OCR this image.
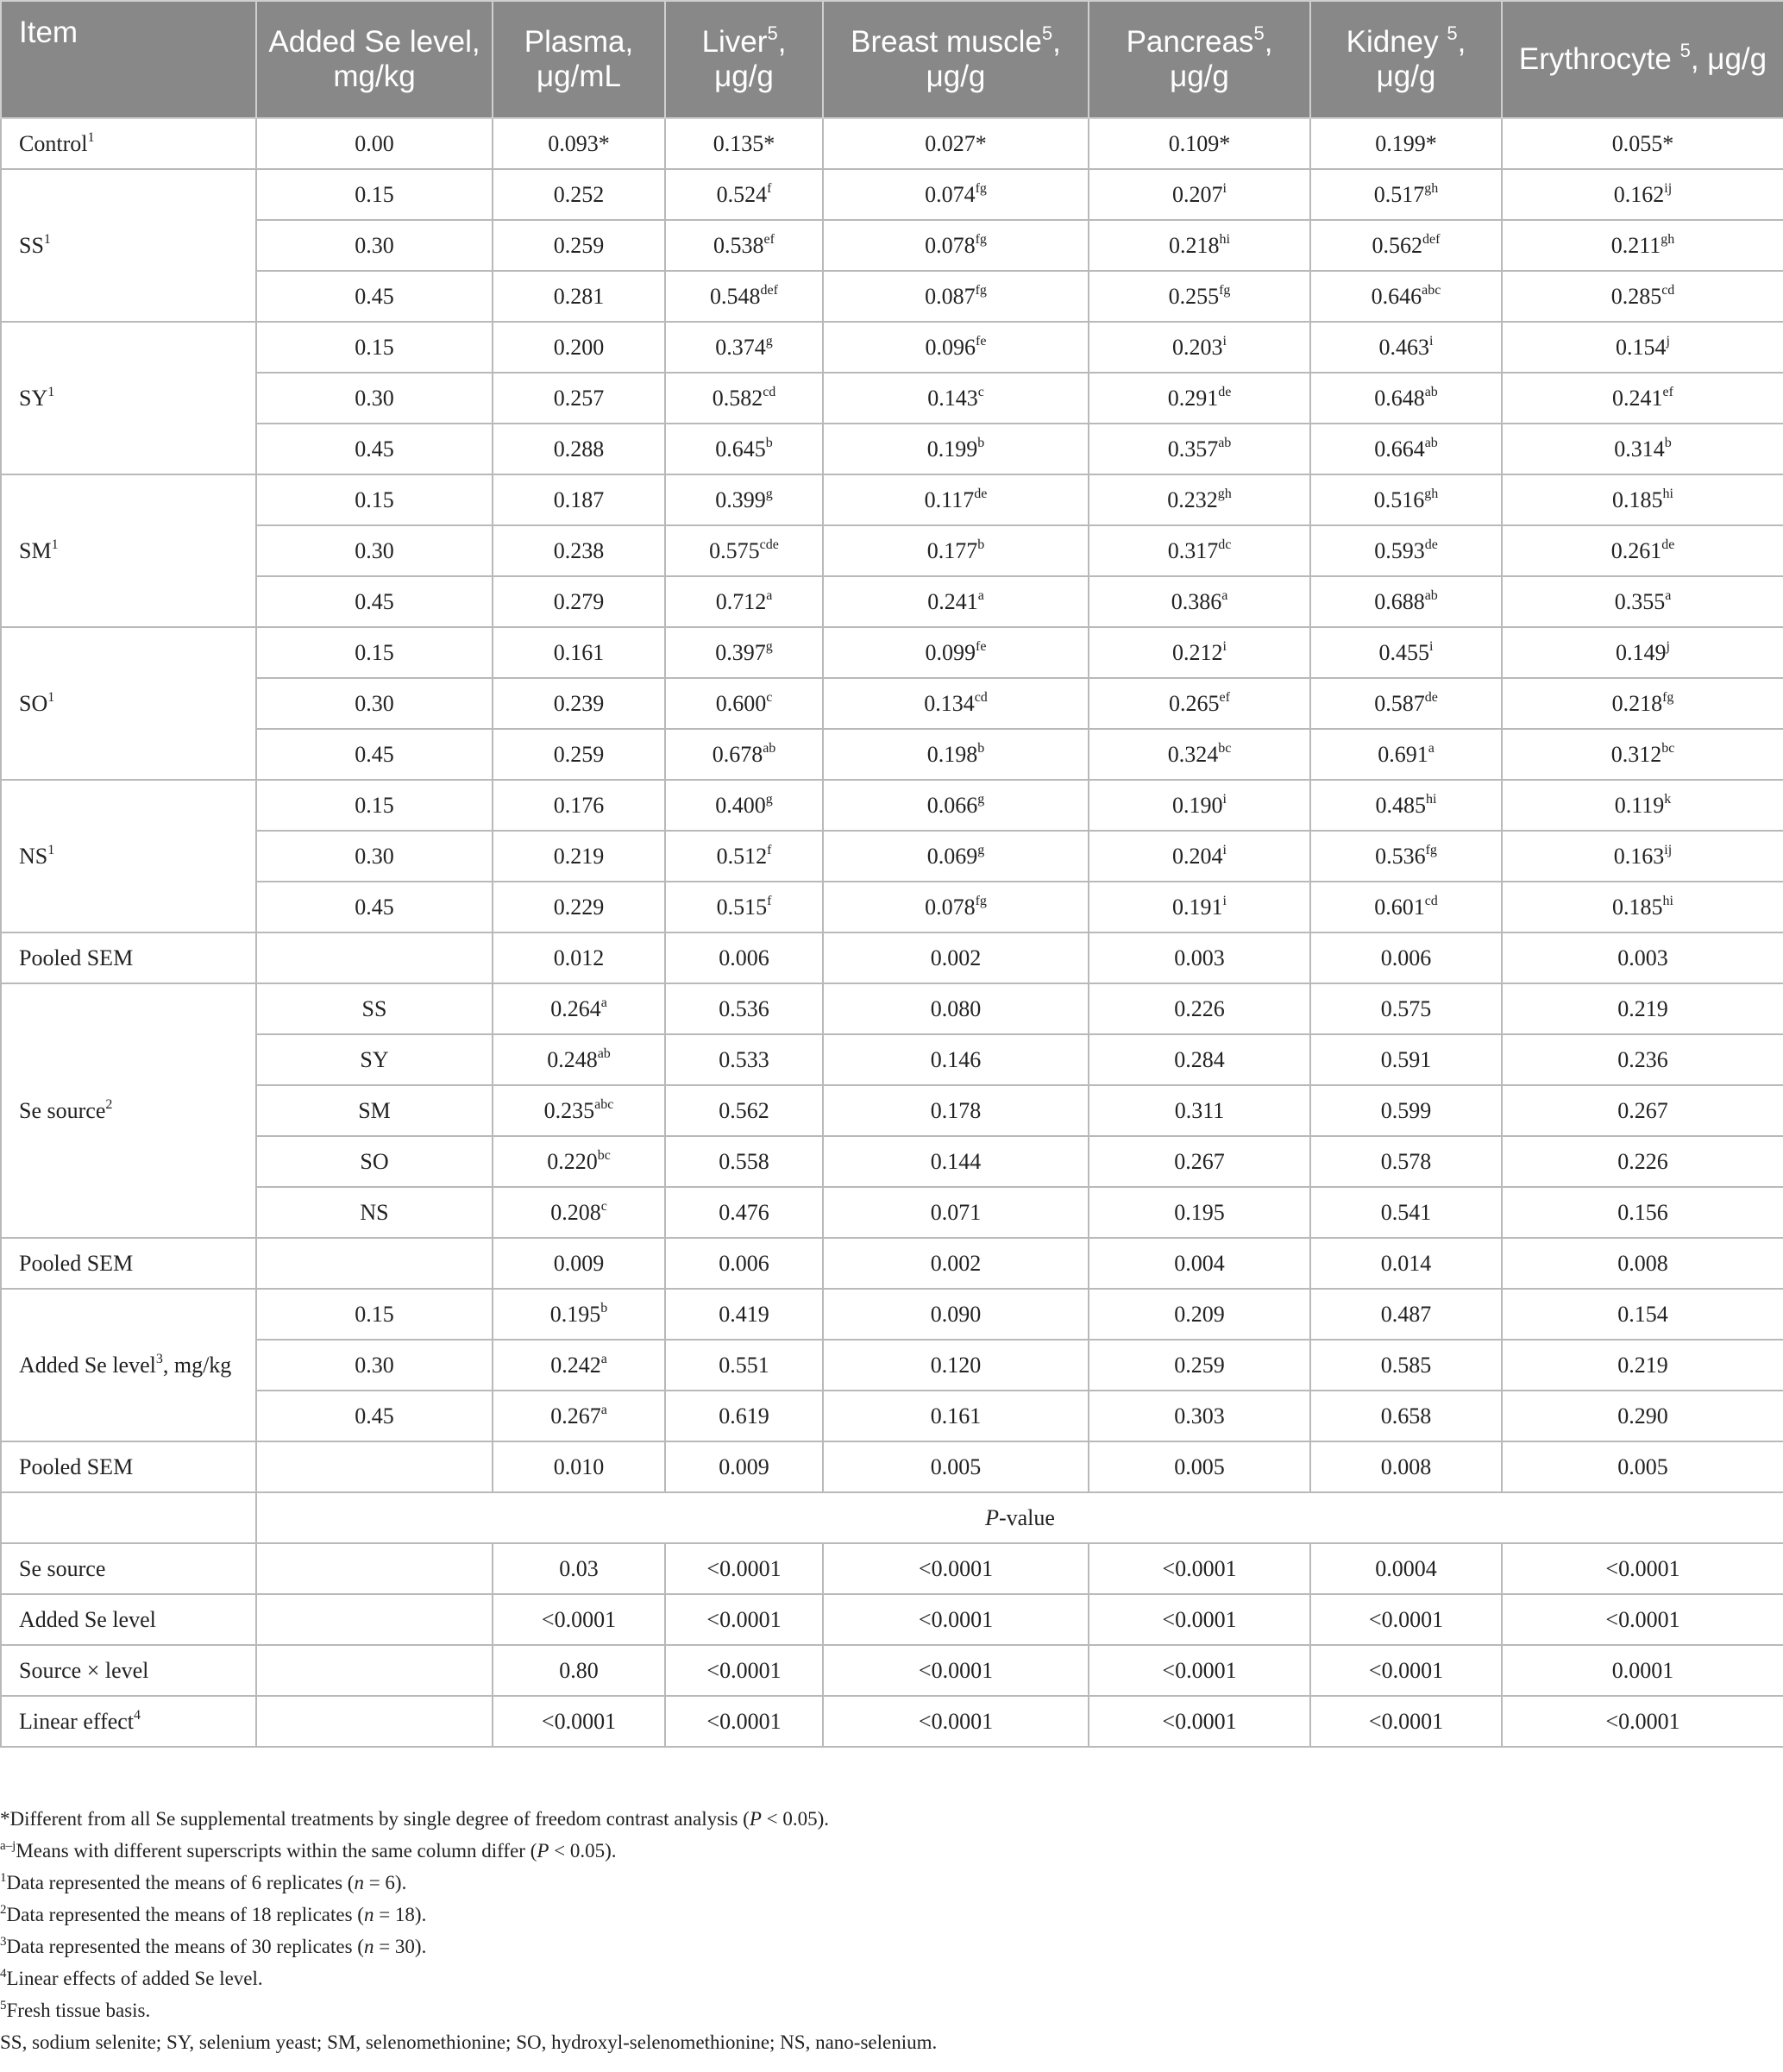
Item	Added Se level, mg/kg	Plasma, μg/mL	Liver$^5$, μg/g	Breast muscle$^5$, μg/g	Pancreas$^5$, μg/g	Kidney $^5$, μg/g	Erythrocyte $^5$, μg/g
Control$^1$	0.00	0.093*	0.135*	0.027*	0.109*	0.199*	0.055*
$SS^1$	0.15	0.252	0.524$^f$	0.074$^{fg}$	0.207$^i$	0.517$^{gh}$	$0.162^{ij}$
	0.30	0.259	0.538$^{ef}$	0.078$^{fg}$	$0.218^{hi}$	0.562$^{def}$	0.211$^{gh}$
	0.45	0.281	0.548$^{def}$	0.087$^{fg}$	0.255$^{fg}$	0.646$^{abc}$	0.285$^{cd}$
$SY^1$	0.15	0.200	0.374$^g$	0.096$^{fe}$	0.203$^i$	0.463$^i$	0.154$^j$
	0.30	0.257	0.582$^{cd}$	0.143$^c$	0.291de	0.648$^{ab}$	0.241$^{ef}$
	0.45	0.288	0.645$^b$	0.199$^b$	0.357$^{ab}$	0.664$^{ab}$	0.314$^b$
$SM^1$	0.15	0.187	0.399$^g$	0.117de	0.232$^{gh}$	0.516$^{gh}$	$0.185^{hi}$
	0.30	0.238	0.575$^{cde}$	0.177$^b$	0.317$^{dc}$	0.593de	0.261de
	0.45	0.279	0.712$^a$	0.241$^a$	0.386$^a$	0.688$^{ab}$	0.355$^a$
$SO^1$	0.15	0.161	0.397$^g$	0.099$^{fe}$	0.212$^i$	0.455$^i$	0.149$^j$
	0.30	0.239	0.600$^c$	0.134$^{cd}$	0.265$^{ef}$	0.587de	0.218$^{fg}$
	0.45	0.259	0.678$^{ab}$	0.198$^b$	0.324$^{bc}$	0.691$^a$	0.312$^{bc}$
$NS^1$	0.15	0.176	0.400$^g$	0.066$^g$	0.190$^i$	$0.485^{hi}$	0.119$^k$
	0.30	0.219	0.512$^f$	0.069$^g$	0.204$^i$	0.536$^{fg}$	$0.163^{ij}$
	0.45	0.229	0.515$^f$	0.078$^{fg}$	0.191$^i$	0.601$^{cd}$	$0.185^{hi}$
Pooled SEM		0.012	0.006	0.002	0.003	0.006	0.003
Se source$^2$	SS	0.264$^a$	0.536	0.080	0.226	0.575	0.219
	SY	0.248$^{ab}$	0.533	0.146	0.284	0.591	0.236
	SM	0.235$^{abc}$	0.562	0.178	0.311	0.599	0.267
	SO	0.220$^{bc}$	0.558	0.144	0.267	0.578	0.226
	NS	0.208$^c$	0.476	0.071	0.195	0.541	0.156
Pooled SEM		0.009	0.006	0.002	0.004	0.014	0.008
Added Se level$^3$, mg/kg	0.15	0.195$^b$	0.419	0.090	0.209	0.487	0.154
	0.30	0.242$^a$	0.551	0.120	0.259	0.585	0.219
	0.45	0.267$^a$	0.619	0.161	0.303	0.658	0.290
Pooled SEM		0.010	0.009	0.005	0.005	0.008	0.005
	P-value						
Se source		0.03	<0.0001	<0.0001	<0.0001	0.0004	<0.0001
Added Se level		<0.0001	<0.0001	<0.0001	<0.0001	<0.0001	<0.0001
Source × level		0.80	<0.0001	<0.0001	<0.0001	<0.0001	0.0001
Linear effect$^4$		<0.0001	<0.0001	<0.0001	<0.0001	<0.0001	<0.0001
*Different from all Se supplemental treatments by single degree of freedom contrast analysis (P < 0.05).
$^{a-j}$Means with different superscripts within the same column differ (P < 0.05).
$^1$Data represented the means of 6 replicates (n = 6).
$^2$Data represented the means of 18 replicates (n = 18).
$^3$Data represented the means of 30 replicates (n = 30).
$^4$Linear effects of added Se level.
$^5$Fresh tissue basis.
SS, sodium selenite; SY, selenium yeast; SM, selenomethionine; SO, hydroxyl-selenomethionine; NS, nano-selenium.
